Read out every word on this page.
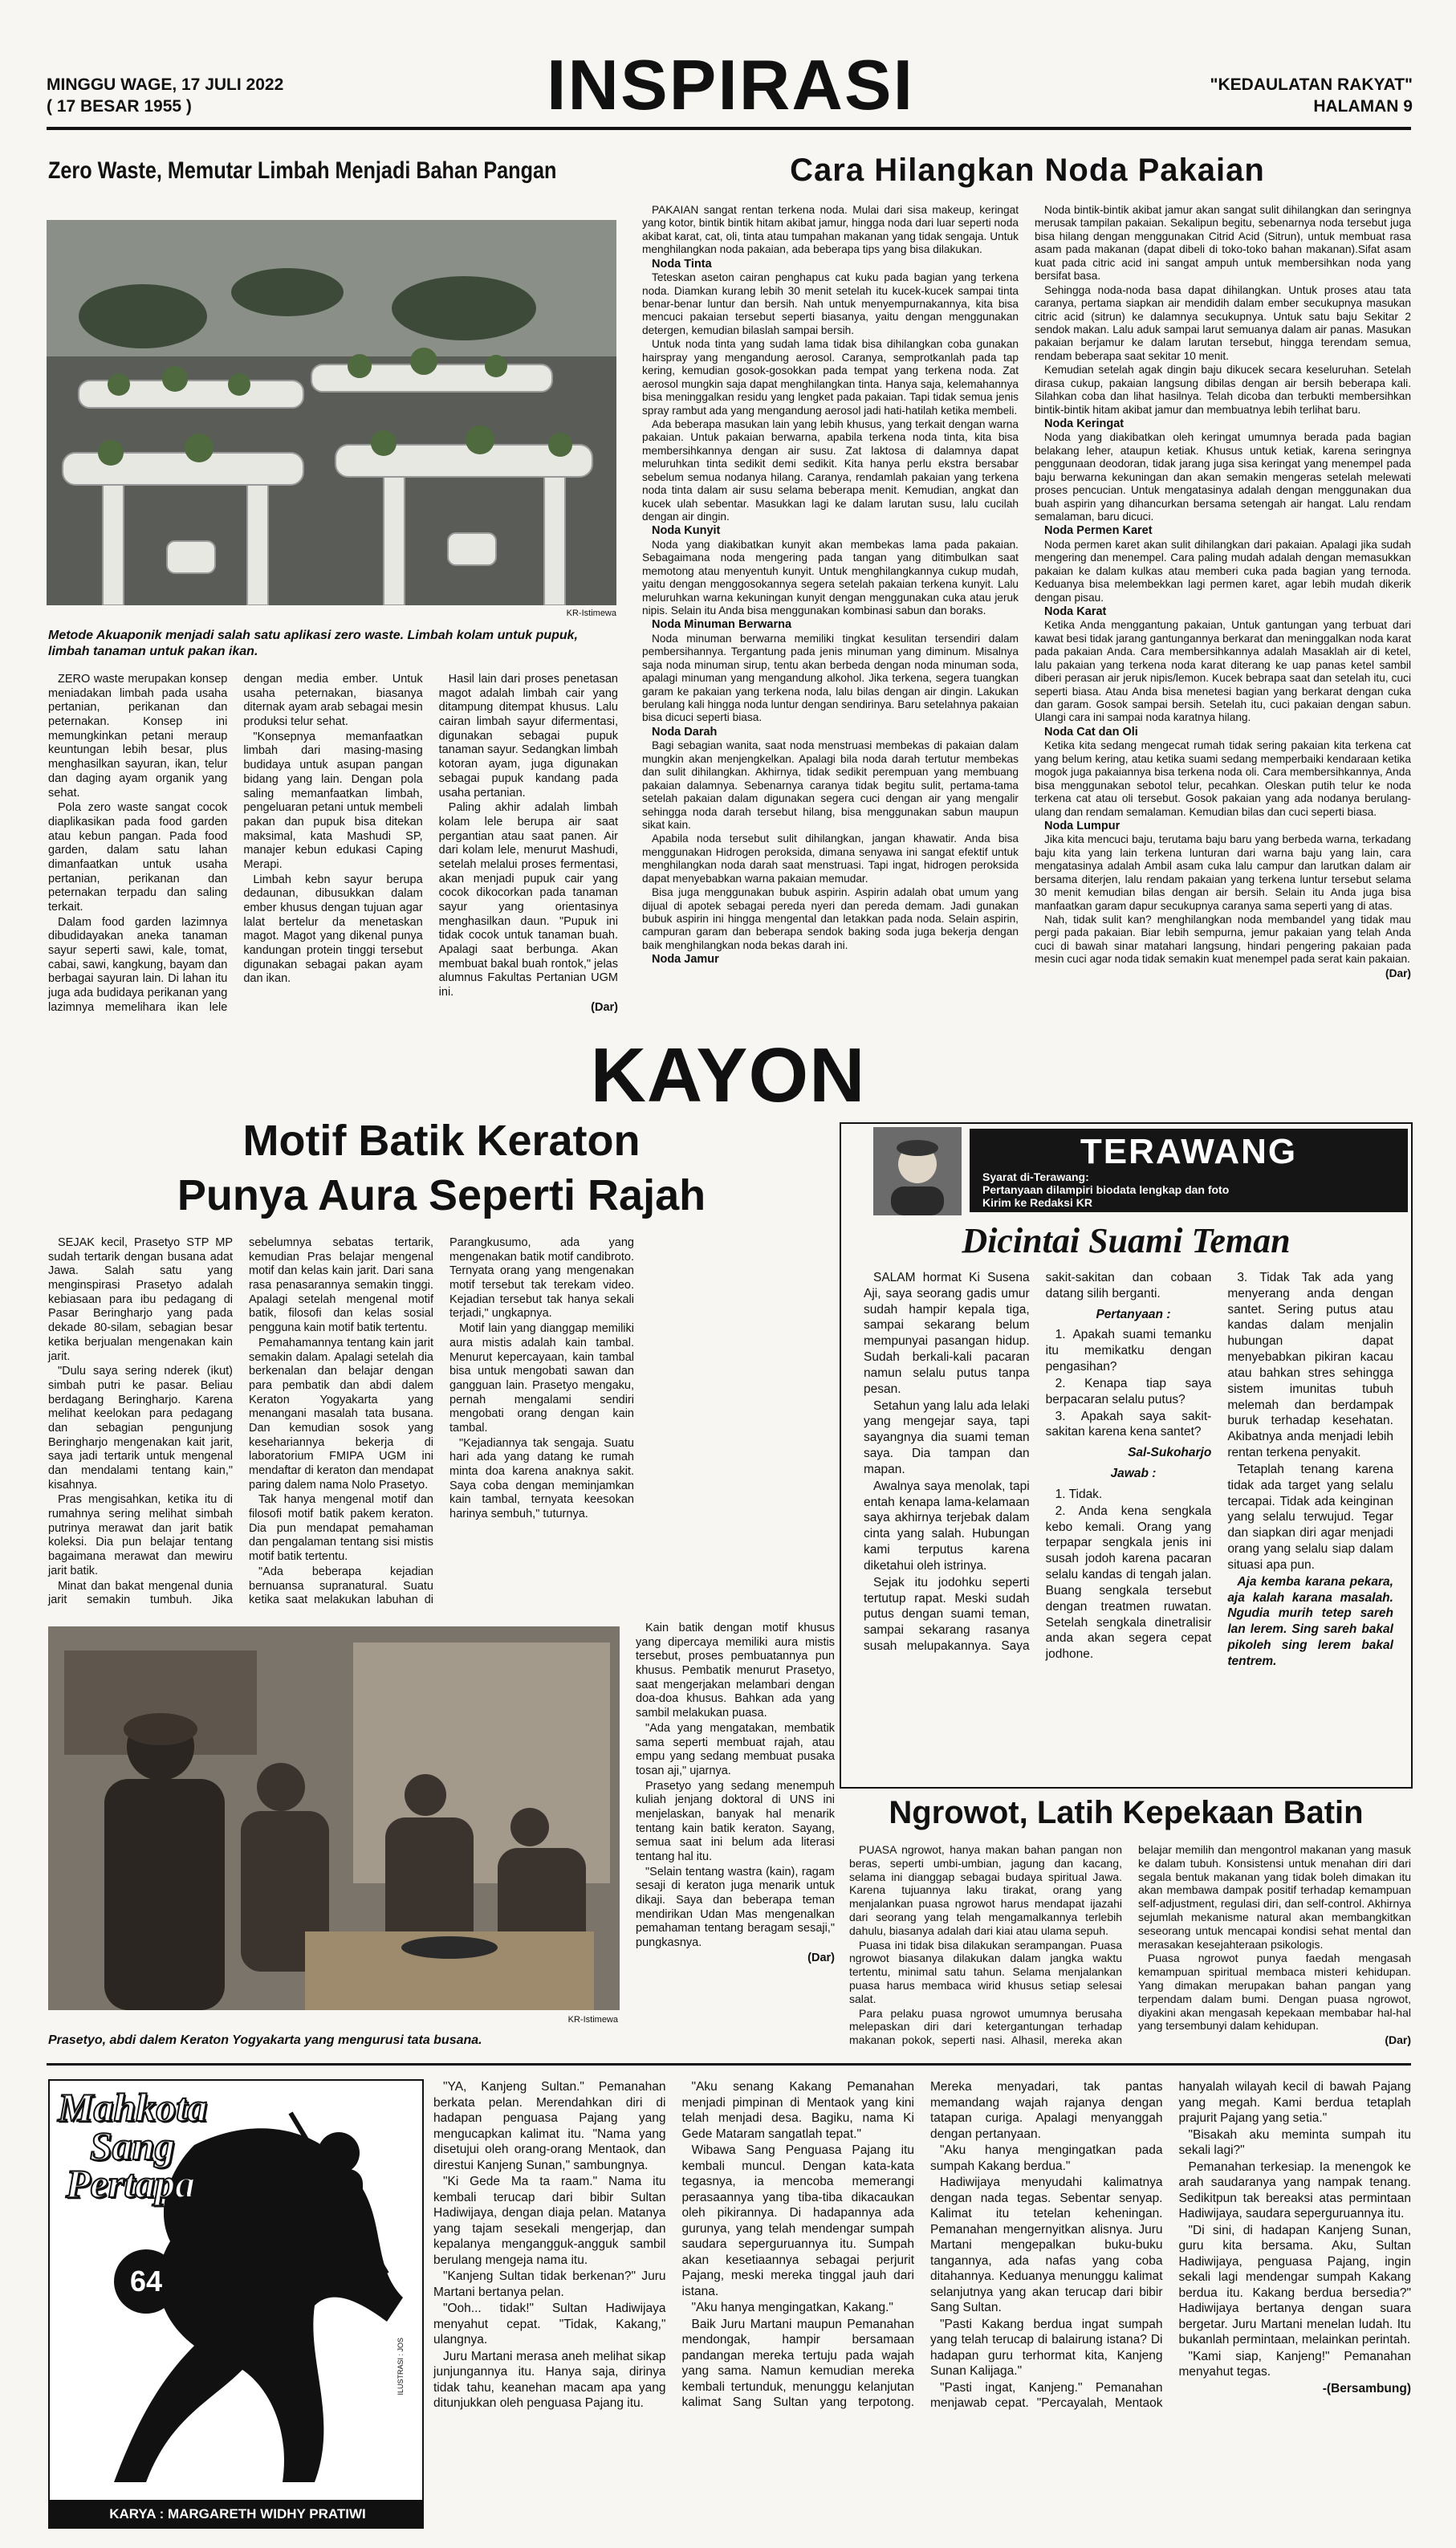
MINGGU WAGE, 17 JULI 2022
( 17 BESAR 1955 )	INSPIRASI	"KEDAULATAN RAKYAT"
HALAMAN 9
Zero Waste, Memutar Limbah Menjadi Bahan Pangan
KR-Istimewa
Metode Akuaponik menjadi salah satu aplikasi zero waste. Limbah kolam untuk pupuk, limbah tanaman untuk pakan ikan.

ZERO waste merupakan konsep meniadakan limbah pada usaha pertanian, perikanan dan peternakan. Konsep ini memungkinkan petani meraup keuntungan lebih besar, plus menghasilkan sayuran, ikan, telur dan daging ayam organik yang sehat.

Pola zero waste sangat cocok diaplikasikan pada food garden atau kebun pangan. Pada food garden, dalam satu lahan dimanfaatkan untuk usaha pertanian, perikanan dan peternakan terpadu dan saling terkait.

Dalam food garden lazimnya dibudidayakan aneka tanaman sayur seperti sawi, kale, tomat, cabai, sawi, kangkung, bayam dan berbagai sayuran lain. Di lahan itu juga ada budidaya perikanan yang lazimnya memelihara ikan lele dengan media ember. Untuk usaha peternakan, biasanya diternak ayam arab sebagai mesin produksi telur sehat.

"Konsepnya memanfaatkan limbah dari masing-masing budidaya untuk asupan pangan bidang yang lain. Dengan pola saling memanfaatkan limbah, pengeluaran petani untuk membeli pakan dan pupuk bisa ditekan maksimal, kata Mashudi SP, manajer kebun edukasi Caping Merapi.

Limbah kebn sayur berupa dedaunan, dibusukkan dalam ember khusus dengan tujuan agar lalat bertelur da menetaskan magot. Magot yang dikenal punya kandungan protein tinggi tersebut digunakan sebagai pakan ayam dan ikan.

Hasil lain dari proses penetasan magot adalah limbah cair yang ditampung ditempat khusus. Lalu cairan limbah sayur difermentasi, digunakan sebagai pupuk tanaman sayur. Sedangkan limbah kotoran ayam, juga digunakan sebagai pupuk kandang pada usaha pertanian.

Paling akhir adalah limbah kolam lele berupa air saat pergantian atau saat panen. Air dari kolam lele, menurut Mashudi, setelah melalui proses fermentasi, akan menjadi pupuk cair yang cocok dikocorkan pada tanaman sayur yang orientasinya menghasilkan daun. "Pupuk ini tidak cocok untuk tanaman buah. Apalagi saat berbunga. Akan membuat bakal buah rontok," jelas alumnus Fakultas Pertanian UGM ini.

(Dar)

Cara Hilangkan Noda Pakaian

PAKAIAN sangat rentan terkena noda. Mulai dari sisa makeup, keringat yang kotor, bintik bintik hitam akibat jamur, hingga noda dari luar seperti noda akibat karat, cat, oli, tinta atau tumpahan makanan yang tidak sengaja. Untuk menghilangkan noda pakaian, ada beberapa tips yang bisa dilakukan.

Noda Tinta

Teteskan aseton cairan penghapus cat kuku pada bagian yang terkena noda. Diamkan kurang lebih 30 menit setelah itu kucek-kucek sampai tinta benar-benar luntur dan bersih. Nah untuk menyempurnakannya, kita bisa mencuci pakaian tersebut seperti biasanya, yaitu dengan menggunakan detergen, kemudian bilaslah sampai bersih.

Untuk noda tinta yang sudah lama tidak bisa dihilangkan coba gunakan hairspray yang mengandung aerosol. Caranya, semprotkanlah pada tap kering, kemudian gosok-gosokkan pada tempat yang terkena noda. Zat aerosol mungkin saja dapat menghilangkan tinta. Hanya saja, kelemahannya bisa meninggalkan residu yang lengket pada pakaian. Tapi tidak semua jenis spray rambut ada yang mengandung aerosol jadi hati-hatilah ketika membeli.

Ada beberapa masukan lain yang lebih khusus, yang terkait dengan warna pakaian. Untuk pakaian berwarna, apabila terkena noda tinta, kita bisa membersihkannya dengan air susu. Zat laktosa di dalamnya dapat meluruhkan tinta sedikit demi sedikit. Kita hanya perlu ekstra bersabar sebelum semua nodanya hilang. Caranya, rendamlah pakaian yang terkena noda tinta dalam air susu selama beberapa menit. Kemudian, angkat dan kucek ulah sebentar. Masukkan lagi ke dalam larutan susu, lalu cucilah dengan air dingin.

Noda Kunyit

Noda yang diakibatkan kunyit akan membekas lama pada pakaian. Sebagaimana noda mengering pada tangan yang ditimbulkan saat memotong atau menyentuh kunyit. Untuk menghilangkannya cukup mudah, yaitu dengan menggosokannya segera setelah pakaian terkena kunyit. Lalu meluruhkan warna kekuningan kunyit dengan menggunakan cuka atau jeruk nipis. Selain itu Anda bisa menggunakan kombinasi sabun dan boraks.

Noda Minuman Berwarna

Noda minuman berwarna memiliki tingkat kesulitan tersendiri dalam pembersihannya. Tergantung pada jenis minuman yang diminum. Misalnya saja noda minuman sirup, tentu akan berbeda dengan noda minuman soda, apalagi minuman yang mengandung alkohol. Jika terkena, segera tuangkan garam ke pakaian yang terkena noda, lalu bilas dengan air dingin. Lakukan berulang kali hingga noda luntur dengan sendirinya. Baru setelahnya pakaian bisa dicuci seperti biasa.

Noda Darah

Bagi sebagian wanita, saat noda menstruasi membekas di pakaian dalam mungkin akan menjengkelkan. Apalagi bila noda darah tertutur membekas dan sulit dihilangkan. Akhirnya, tidak sedikit perempuan yang membuang pakaian dalamnya. Sebenarnya caranya tidak begitu sulit, pertama-tama setelah pakaian dalam digunakan segera cuci dengan air yang mengalir sehingga noda darah tersebut hilang, bisa menggunakan sabun maupun sikat kain.

Apabila noda tersebut sulit dihilangkan, jangan khawatir. Anda bisa menggunakan Hidrogen peroksida, dimana senyawa ini sangat efektif untuk menghilangkan noda darah saat menstruasi. Tapi ingat, hidrogen peroksida dapat menyebabkan warna pakaian memudar.

Bisa juga menggunakan bubuk aspirin. Aspirin adalah obat umum yang dijual di apotek sebagai pereda nyeri dan pereda demam. Jadi gunakan bubuk aspirin ini hingga mengental dan letakkan pada noda. Selain aspirin, campuran garam dan beberapa sendok baking soda juga bekerja dengan baik menghilangkan noda bekas darah ini.

Noda Jamur

Noda bintik-bintik akibat jamur akan sangat sulit dihilangkan dan seringnya merusak tampilan pakaian. Sekalipun begitu, sebenarnya noda tersebut juga bisa hilang dengan menggunakan Citrid Acid (Sitrun), untuk membuat rasa asam pada makanan (dapat dibeli di toko-toko bahan makanan).Sifat asam kuat pada citric acid ini sangat ampuh untuk membersihkan noda yang bersifat basa.

Sehingga noda-noda basa dapat dihilangkan. Untuk proses atau tata caranya, pertama siapkan air mendidih dalam ember secukupnya masukan citric acid (sitrun) ke dalamnya secukupnya. Untuk satu baju Sekitar 2 sendok makan. Lalu aduk sampai larut semuanya dalam air panas. Masukan pakaian berjamur ke dalam larutan tersebut, hingga terendam semua, rendam beberapa saat sekitar 10 menit.

Kemudian setelah agak dingin baju dikucek secara keseluruhan. Setelah dirasa cukup, pakaian langsung dibilas dengan air bersih beberapa kali. Silahkan coba dan lihat hasilnya. Telah dicoba dan terbukti membersihkan bintik-bintik hitam akibat jamur dan membuatnya lebih terlihat baru.

Noda Keringat

Noda yang diakibatkan oleh keringat umumnya berada pada bagian belakang leher, ataupun ketiak. Khusus untuk ketiak, karena seringnya penggunaan deodoran, tidak jarang juga sisa keringat yang menempel pada baju berwarna kekuningan dan akan semakin mengeras setelah melewati proses pencucian. Untuk mengatasinya adalah dengan menggunakan dua buah aspirin yang dihancurkan bersama setengah air hangat. Lalu rendam semalaman, baru dicuci.

Noda Permen Karet

Noda permen karet akan sulit dihilangkan dari pakaian. Apalagi jika sudah mengering dan menempel. Cara paling mudah adalah dengan memasukkan pakaian ke dalam kulkas atau memberi cuka pada bagian yang ternoda. Keduanya bisa melembekkan lagi permen karet, agar lebih mudah dikerik dengan pisau.

Noda Karat

Ketika Anda menggantung pakaian, Untuk gantungan yang terbuat dari kawat besi tidak jarang gantungannya berkarat dan meninggalkan noda karat pada pakaian Anda. Cara membersihkannya adalah Masaklah air di ketel, lalu pakaian yang terkena noda karat diterang ke uap panas ketel sambil diberi perasan air jeruk nipis/lemon. Kucek bebrapa saat dan setelah itu, cuci seperti biasa. Atau Anda bisa menetesi bagian yang berkarat dengan cuka dan garam. Gosok sampai bersih. Setelah itu, cuci pakaian dengan sabun. Ulangi cara ini sampai noda karatnya hilang.

Noda Cat dan Oli

Ketika kita sedang mengecat rumah tidak sering pakaian kita terkena cat yang belum kering, atau ketika suami sedang memperbaiki kendaraan ketika mogok juga pakaiannya bisa terkena noda oli. Cara membersihkannya, Anda bisa menggunakan sebotol telur, pecahkan. Oleskan putih telur ke noda terkena cat atau oli tersebut. Gosok pakaian yang ada nodanya berulang-ulang dan rendam semalaman. Kemudian bilas dan cuci seperti biasa.

Noda Lumpur

Jika kita mencuci baju, terutama baju baru yang berbeda warna, terkadang baju kita yang lain terkena lunturan dari warna baju yang lain, cara mengatasinya adalah Ambil asam cuka lalu campur dan larutkan dalam air bersama diterjen, lalu rendam pakaian yang terkena luntur tersebut selama 30 menit kemudian bilas dengan air bersih. Selain itu Anda juga bisa manfaatkan garam dapur secukupnya caranya sama seperti yang di atas.

Nah, tidak sulit kan? menghilangkan noda membandel yang tidak mau pergi pada pakaian. Biar lebih sempurna, jemur pakaian yang telah Anda cuci di bawah sinar matahari langsung, hindari pengering pakaian pada mesin cuci agar noda tidak semakin kuat menempel pada serat kain pakaian.

(Dar)

KAYON
Motif Batik Keraton
Punya Aura Seperti Rajah

SEJAK kecil, Prasetyo STP MP sudah tertarik dengan busana adat Jawa. Salah satu yang menginspirasi Prasetyo adalah kebiasaan para ibu pedagang di Pasar Beringharjo yang pada dekade 80-silam, sebagian besar ketika berjualan mengenakan kain jarit.

"Dulu saya sering nderek (ikut) simbah putri ke pasar. Beliau berdagang Beringharjo. Karena melihat keelokan para pedagang dan sebagian pengunjung Beringharjo mengenakan kait jarit, saya jadi tertarik untuk mengenal dan mendalami tentang kain," kisahnya.

Pras mengisahkan, ketika itu di rumahnya sering melihat simbah putrinya merawat dan jarit batik koleksi. Dia pun belajar tentang bagaimana merawat dan mewiru jarit batik.

Minat dan bakat mengenal dunia jarit semakin tumbuh. Jika sebelumnya sebatas tertarik, kemudian Pras belajar mengenal motif dan kelas kain jarit. Dari sana rasa penasarannya semakin tinggi. Apalagi setelah mengenal motif batik, filosofi dan kelas sosial pengguna kain motif batik tertentu.

Pemahamannya tentang kain jarit semakin dalam. Apalagi setelah dia berkenalan dan belajar dengan para pembatik dan abdi dalem Keraton Yogyakarta yang menangani masalah tata busana. Dan kemudian sosok yang kesehariannya bekerja di laboratorium FMIPA UGM ini mendaftar di keraton dan mendapat paring dalem nama Nolo Prasetyo.

Tak hanya mengenal motif dan filosofi motif batik pakem keraton. Dia pun mendapat pemahaman dan pengalaman tentang sisi mistis motif batik tertentu.

"Ada beberapa kejadian bernuansa supranatural. Suatu ketika saat melakukan labuhan di Parangkusumo, ada yang mengenakan batik motif candibroto. Ternyata orang yang mengenakan motif tersebut tak terekam video. Kejadian tersebut tak hanya sekali terjadi," ungkapnya.

Motif lain yang dianggap memiliki aura mistis adalah kain tambal. Menurut kepercayaan, kain tambal bisa untuk mengobati sawan dan gangguan lain. Prasetyo mengaku, pernah mengalami sendiri mengobati orang dengan kain tambal.

"Kejadiannya tak sengaja. Suatu hari ada yang datang ke rumah minta doa karena anaknya sakit. Saya coba dengan meminjamkan kain tambal, ternyata keesokan harinya sembuh," tuturnya.

KR-Istimewa
Prasetyo, abdi dalem Keraton Yogyakarta yang mengurusi tata busana.

Kain batik dengan motif khusus yang dipercaya memiliki aura mistis tersebut, proses pembuatannya pun khusus. Pembatik menurut Prasetyo, saat mengerjakan melambari dengan doa-doa khusus. Bahkan ada yang sambil melakukan puasa.

"Ada yang mengatakan, membatik sama seperti membuat rajah, atau empu yang sedang membuat pusaka tosan aji," ujarnya.

Prasetyo yang sedang menempuh kuliah jenjang doktoral di UNS ini menjelaskan, banyak hal menarik tentang kain batik keraton. Sayang, semua saat ini belum ada literasi tentang hal itu.

"Selain tentang wastra (kain), ragam sesaji di keraton juga menarik untuk dikaji. Saya dan beberapa teman mendirikan Udan Mas mengenalkan pemahaman tentang beragam sesaji," pungkasnya.

(Dar)

TERAWANG
Syarat di-Terawang:
Pertanyaan dilampiri biodata lengkap dan foto
Kirim ke Redaksi KR
Dicintai Suami Teman

SALAM hormat Ki Susena Aji, saya seorang gadis umur sudah hampir kepala tiga, sampai sekarang belum mempunyai pasangan hidup. Sudah berkali-kali pacaran namun selalu putus tanpa pesan.

Setahun yang lalu ada lelaki yang mengejar saya, tapi sayangnya dia suami teman saya. Dia tampan dan mapan.

Awalnya saya menolak, tapi entah kenapa lama-kelamaan saya akhirnya terjebak dalam cinta yang salah. Hubungan kami terputus karena diketahui oleh istrinya.

Sejak itu jodohku seperti tertutup rapat. Meski sudah putus dengan suami teman, sampai sekarang rasanya susah melupakannya. Saya sakit-sakitan dan cobaan datang silih berganti.

Pertanyaan :

1. Apakah suami temanku itu memikatku dengan pengasihan?

2. Kenapa tiap saya berpacaran selalu putus?

3. Apakah saya sakit-sakitan karena kena santet?

Sal-Sukoharjo

Jawab :

1. Tidak.

2. Anda kena sengkala kebo kemali. Orang yang terpapar sengkala jenis ini susah jodoh karena pacaran selalu kandas di tengah jalan. Buang sengkala tersebut dengan treatmen ruwatan. Setelah sengkala dinetralisir anda akan segera cepat jodhone.

3. Tidak Tak ada yang menyerang anda dengan santet. Sering putus atau kandas dalam menjalin hubungan dapat menyebabkan pikiran kacau atau bahkan stres sehingga sistem imunitas tubuh melemah dan berdampak buruk terhadap kesehatan. Akibatnya anda menjadi lebih rentan terkena penyakit.

Tetaplah tenang karena tidak ada target yang selalu tercapai. Tidak ada keinginan yang selalu terwujud. Tegar dan siapkan diri agar menjadi orang yang selalu siap dalam situasi apa pun.

Aja kemba karana pekara, aja kalah karana masalah. Ngudia murih tetep sareh lan lerem. Sing sareh bakal pikoleh sing lerem bakal tentrem.

Ngrowot, Latih Kepekaan Batin

PUASA ngrowot, hanya makan bahan pangan non beras, seperti umbi-umbian, jagung dan kacang, selama ini dianggap sebagai budaya spiritual Jawa. Karena tujuannya laku tirakat, orang yang menjalankan puasa ngrowot harus mendapat ijazahi dari seorang yang telah mengamalkannya terlebih dahulu, biasanya adalah dari kiai atau ulama sepuh.

Puasa ini tidak bisa dilakukan serampangan. Puasa ngrowot biasanya dilakukan dalam jangka waktu tertentu, minimal satu tahun. Selama menjalankan puasa harus membaca wirid khusus setiap selesai salat.

Para pelaku puasa ngrowot umumnya berusaha melepaskan diri dari ketergantungan terhadap makanan pokok, seperti nasi. Alhasil, mereka akan belajar memilih dan mengontrol makanan yang masuk ke dalam tubuh. Konsistensi untuk menahan diri dari segala bentuk makanan yang tidak boleh dimakan itu akan membawa dampak positif terhadap kemampuan self-adjustment, regulasi diri, dan self-control. Akhirnya sejumlah mekanisme natural akan membangkitkan seseorang untuk mencapai kondisi sehat mental dan merasakan kesejahteraan psikologis.

Puasa ngrowot punya faedah mengasah kemampuan spiritual membaca misteri kehidupan. Yang dimakan merupakan bahan pangan yang terpendam dalam bumi. Dengan puasa ngrowot, diyakini akan mengasah kepekaan membabar hal-hal yang tersembunyi dalam kehidupan.

(Dar)

Mahkota
Sang
Pertapa
64
ILUSTRASI : JOS
KARYA : MARGARETH WIDHY PRATIWI

"YA, Kanjeng Sultan." Pemanahan berkata pelan. Merendahkan diri di hadapan penguasa Pajang yang mengucapkan kalimat itu. "Nama yang disetujui oleh orang-orang Mentaok, dan direstui Kanjeng Sunan," sambungnya.

"Ki Gede Ma ta raam." Nama itu kembali terucap dari bibir Sultan Hadiwijaya, dengan diaja pelan. Matanya yang tajam sesekali mengerjap, dan kepalanya mengangguk-angguk sambil berulang mengeja nama itu.

"Kanjeng Sultan tidak berkenan?" Juru Martani bertanya pelan.

"Ooh... tidak!" Sultan Hadiwijaya menyahut cepat. "Tidak, Kakang," ulangnya.

Juru Martani merasa aneh melihat sikap junjungannya itu. Hanya saja, dirinya tidak tahu, keanehan macam apa yang ditunjukkan oleh penguasa Pajang itu.

"Aku senang Kakang Pemanahan menjadi pimpinan di Mentaok yang kini telah menjadi desa. Bagiku, nama Ki Gede Mataram sangatlah tepat."

Wibawa Sang Penguasa Pajang itu kembali muncul. Dengan kata-kata tegasnya, ia mencoba memerangi perasaannya yang tiba-tiba dikacaukan oleh pikirannya. Di hadapannya ada gurunya, yang telah mendengar sumpah saudara seperguruannya itu. Sumpah akan kesetiaannya sebagai perjurit Pajang, meski mereka tinggal jauh dari istana.

"Aku hanya mengingatkan, Kakang."

Baik Juru Martani maupun Pemanahan mendongak, hampir bersamaan pandangan mereka tertuju pada wajah yang sama. Namun kemudian mereka kembali tertunduk, menunggu kelanjutan kalimat Sang Sultan yang terpotong. Mereka menyadari, tak pantas memandang wajah rajanya dengan tatapan curiga. Apalagi menyanggah dengan pertanyaan.

"Aku hanya mengingatkan pada sumpah Kakang berdua."

Hadiwijaya menyudahi kalimatnya dengan nada tegas. Sebentar senyap. Kalimat itu tetelan keheningan. Pemanahan mengernyitkan alisnya. Juru Martani mengepalkan buku-buku tangannya, ada nafas yang coba ditahannya. Keduanya menunggu kalimat selanjutnya yang akan terucap dari bibir Sang Sultan.

"Pasti Kakang berdua ingat sumpah yang telah terucap di balairung istana? Di hadapan guru terhormat kita, Kanjeng Sunan Kalijaga."

"Pasti ingat, Kanjeng." Pemanahan menjawab cepat. "Percayalah, Mentaok hanyalah wilayah kecil di bawah Pajang yang megah. Kami berdua tetaplah prajurit Pajang yang setia."

"Bisakah aku meminta sumpah itu sekali lagi?"

Pemanahan terkesiap. Ia menengok ke arah saudaranya yang nampak tenang. Sedikitpun tak bereaksi atas permintaan Hadiwijaya, saudara seperguruannya itu.

"Di sini, di hadapan Kanjeng Sunan, guru kita bersama. Aku, Sultan Hadiwijaya, penguasa Pajang, ingin sekali lagi mendengar sumpah Kakang berdua itu. Kakang berdua bersedia?" Hadiwijaya bertanya dengan suara bergetar. Juru Martani menelan ludah. Itu bukanlah permintaan, melainkan perintah.

"Kami siap, Kanjeng!" Pemanahan menyahut tegas.

-(Bersambung)
